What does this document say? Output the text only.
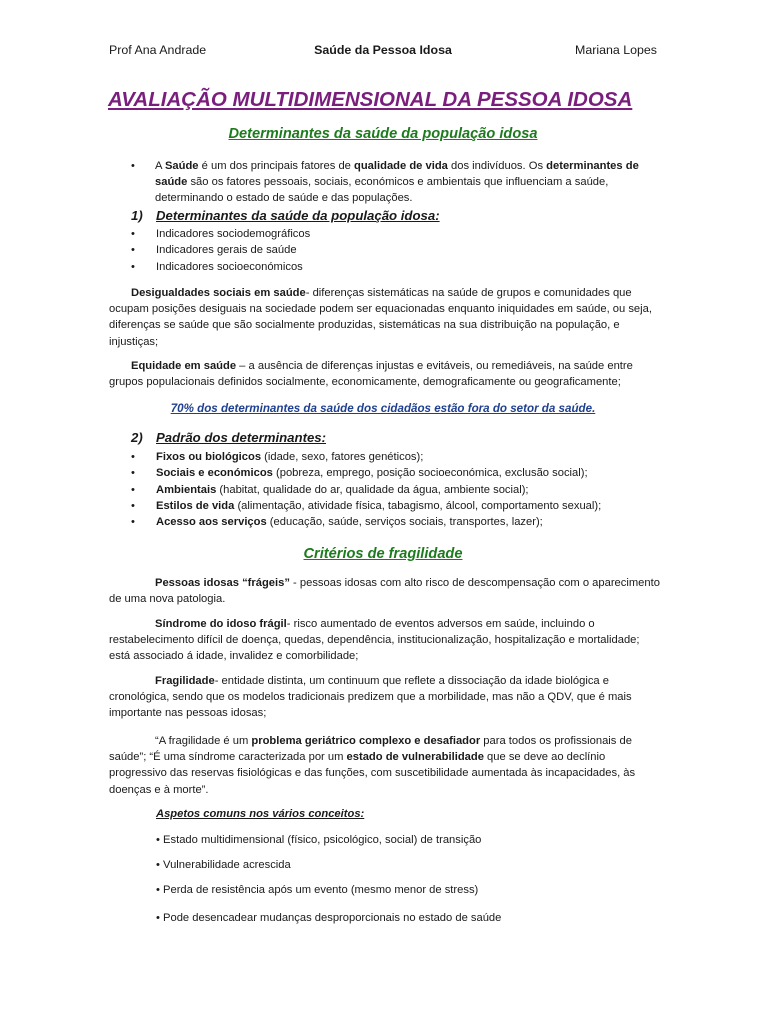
Prof Ana Andrade	Saúde da Pessoa Idosa	Mariana Lopes
AVALIAÇÃO MULTIDIMENSIONAL DA PESSOA IDOSA
Determinantes da saúde da população idosa
• A Saúde é um dos principais fatores de qualidade de vida dos indivíduos. Os determinantes de saúde são os fatores pessoais, sociais, económicos e ambientais que influenciam a saúde, determinando o estado de saúde e das populações.

1) Determinantes da saúde da população idosa:
• Indicadores sociodemográficos
• Indicadores gerais de saúde
• Indicadores socioeconómicos

Desigualdades sociais em saúde- diferenças sistemáticas na saúde de grupos e comunidades que ocupam posições desiguais na sociedade podem ser equacionadas enquanto iniquidades em saúde, ou seja, diferenças se saúde que são socialmente produzidas, sistemáticas na sua distribuição na população, e injustiças;

Equidade em saúde – a ausência de diferenças injustas e evitáveis, ou remediáveis, na saúde entre grupos populacionais definidos socialmente, economicamente, demograficamente ou geograficamente;

70% dos determinantes da saúde dos cidadãos estão fora do setor da saúde.

2) Padrão dos determinantes:
• Fixos ou biológicos (idade, sexo, fatores genéticos);
• Sociais e económicos (pobreza, emprego, posição socioeconómica, exclusão social);
• Ambientais (habitat, qualidade do ar, qualidade da água, ambiente social);
• Estilos de vida (alimentação, atividade física, tabagismo, álcool, comportamento sexual);
• Acesso aos serviços (educação, saúde, serviços sociais, transportes, lazer);
Critérios de fragilidade

Pessoas idosas “frágeis” - pessoas idosas com alto risco de descompensação com o aparecimento de uma nova patologia.

Síndrome do idoso frágil- risco aumentado de eventos adversos em saúde, incluindo o restabelecimento difícil de doença, quedas, dependência, institucionalização, hospitalização e mortalidade; está associado á idade, invalidez e comorbilidade;

Fragilidade- entidade distinta, um continuum que reflete a dissociação da idade biológica e cronológica, sendo que os modelos tradicionais predizem que a morbilidade, mas não a QDV, que é mais importante nas pessoas idosas;

“A fragilidade é um problema geriátrico complexo e desafiador para todos os profissionais de saúde”; “É uma síndrome caracterizada por um estado de vulnerabilidade que se deve ao declínio progressivo das reservas fisiológicas e das funções, com suscetibilidade aumentada às incapacidades, às doenças e à morte”.

Aspetos comuns nos vários conceitos:

• Estado multidimensional (físico, psicológico, social) de transição

• Vulnerabilidade acrescida

• Perda de resistência após um evento (mesmo menor de stress)

• Pode desencadear mudanças desproporcionais no estado de saúde
